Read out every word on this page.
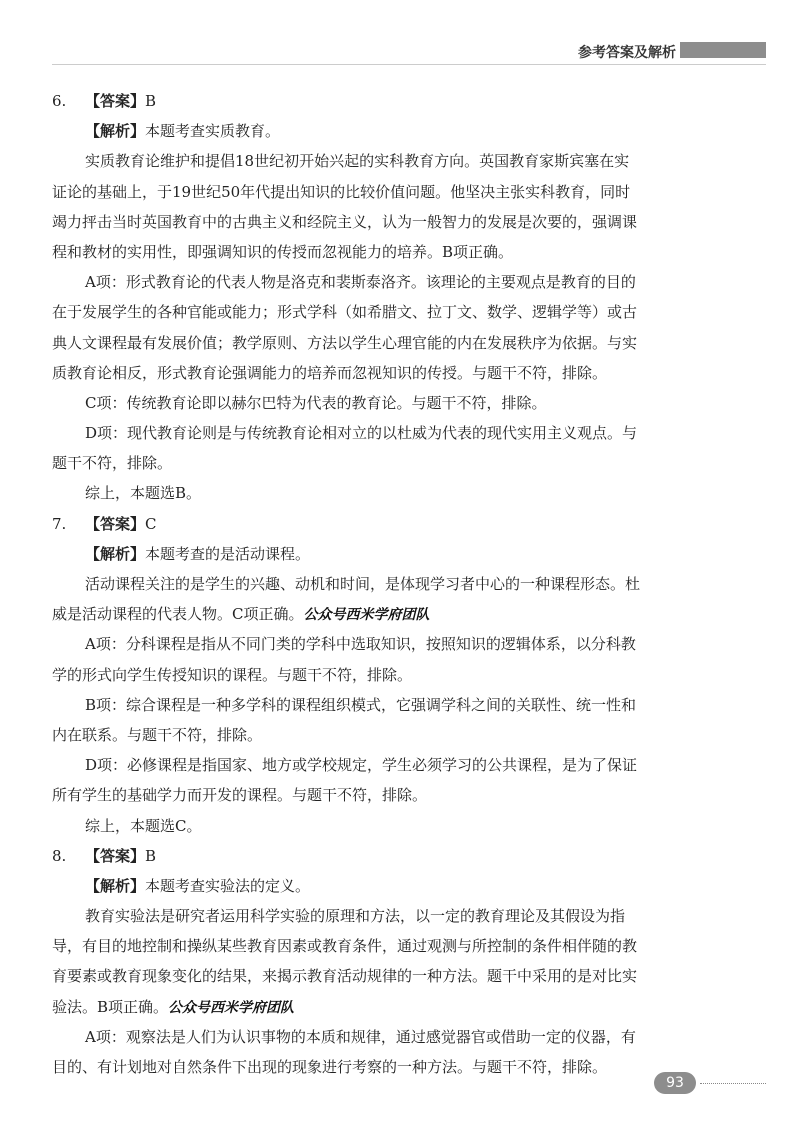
参考答案及解析
6. 【答案】B
【解析】本题考查实质教育。
实质教育论维护和提倡18世纪初开始兴起的实科教育方向。英国教育家斯宾塞在实
证论的基础上，于19世纪50年代提出知识的比较价值问题。他坚决主张实科教育，同时
竭力抨击当时英国教育中的古典主义和经院主义，认为一般智力的发展是次要的，强调课
程和教材的实用性，即强调知识的传授而忽视能力的培养。B项正确。
A项：形式教育论的代表人物是洛克和裴斯泰洛齐。该理论的主要观点是教育的目的
在于发展学生的各种官能或能力；形式学科（如希腊文、拉丁文、数学、逻辑学等）或古
典人文课程最有发展价值；教学原则、方法以学生心理官能的内在发展秩序为依据。与实
质教育论相反，形式教育论强调能力的培养而忽视知识的传授。与题干不符，排除。
C项：传统教育论即以赫尔巴特为代表的教育论。与题干不符，排除。
D项：现代教育论则是与传统教育论相对立的以杜威为代表的现代实用主义观点。与
题干不符，排除。
综上，本题选B。
7. 【答案】C
【解析】本题考查的是活动课程。
活动课程关注的是学生的兴趣、动机和时间，是体现学习者中心的一种课程形态。杜
威是活动课程的代表人物。C项正确。公众号西米学府团队
A项：分科课程是指从不同门类的学科中选取知识，按照知识的逻辑体系，以分科教
学的形式向学生传授知识的课程。与题干不符，排除。
B项：综合课程是一种多学科的课程组织模式，它强调学科之间的关联性、统一性和
内在联系。与题干不符，排除。
D项：必修课程是指国家、地方或学校规定，学生必须学习的公共课程，是为了保证
所有学生的基础学力而开发的课程。与题干不符，排除。
综上，本题选C。
8. 【答案】B
【解析】本题考查实验法的定义。
教育实验法是研究者运用科学实验的原理和方法，以一定的教育理论及其假设为指
导，有目的地控制和操纵某些教育因素或教育条件，通过观测与所控制的条件相伴随的教
育要素或教育现象变化的结果，来揭示教育活动规律的一种方法。题干中采用的是对比实
验法。B项正确。公众号西米学府团队
A项：观察法是人们为认识事物的本质和规律，通过感觉器官或借助一定的仪器，有
目的、有计划地对自然条件下出现的现象进行考察的一种方法。与题干不符，排除。
93
